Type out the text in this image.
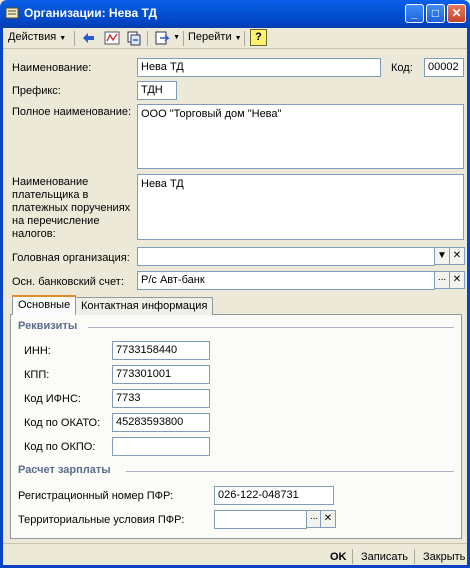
Организации: Нева ТД	_	□	✕
Действия ▼	▼ Перейти ▼	?
Наименование:	Нева ТД	Код:	00002
Префикс:	ТДН
Полное наименование: ООО "Торговый дом "Нева"
Наименование плательщика в платежных поручениях на перечисление налогов:
Нева ТД
Головная организация:	▼ ✕
Осн. банковский счет:	Р/с Авт-банк	... ✕
Основные Контактная информация
Реквизиты
ИНН:	7733158440
КПП:	773301001
Код ИФНС:	7733
Код по ОКАТО:	45283593800
Код по ОКПО:
Расчет зарплаты
Регистрационный номер ПФР:	026-122-048731
Территориальные условия ПФР:	... ✕
OK Записать Закрыть
